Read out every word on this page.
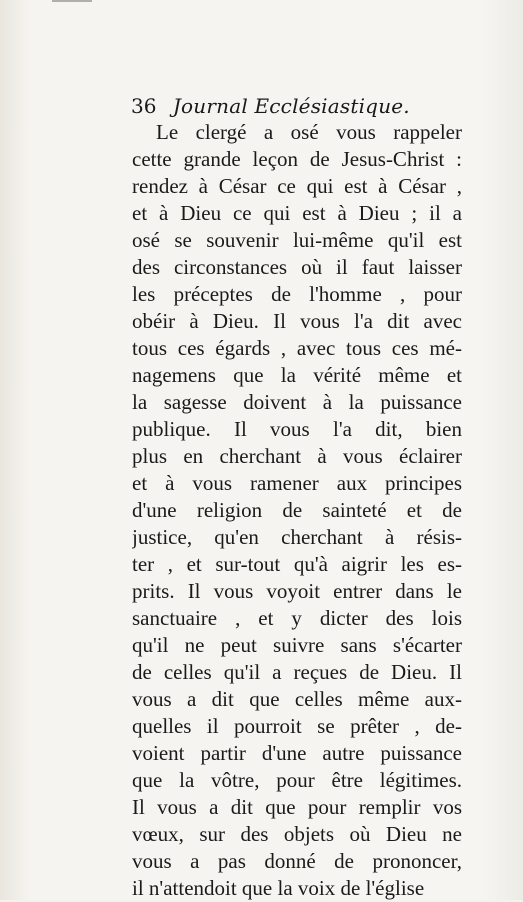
36 Journal Ecclésiastique.
Le clergé a osé vous rappeler
cette grande leçon de Jesus-Christ :
rendez à César ce qui est à César ,
et à Dieu ce qui est à Dieu ; il a
osé se souvenir lui-même qu'il est
des circonstances où il faut laisser
les préceptes de l'homme , pour
obéir à Dieu. Il vous l'a dit avec
tous ces égards , avec tous ces mé-
nagemens que la vérité même et
la sagesse doivent à la puissance
publique. Il vous l'a dit, bien
plus en cherchant à vous éclairer
et à vous ramener aux principes
d'une religion de sainteté et de
justice, qu'en cherchant à résis-
ter , et sur-tout qu'à aigrir les es-
prits. Il vous voyoit entrer dans le
sanctuaire , et y dicter des lois
qu'il ne peut suivre sans s'écarter
de celles qu'il a reçues de Dieu. Il
vous a dit que celles même aux-
quelles il pourroit se prêter , de-
voient partir d'une autre puissance
que la vôtre, pour être légitimes.
Il vous a dit que pour remplir vos
vœux, sur des objets où Dieu ne
vous a pas donné de prononcer,
il n'attendoit que la voix de l'église
